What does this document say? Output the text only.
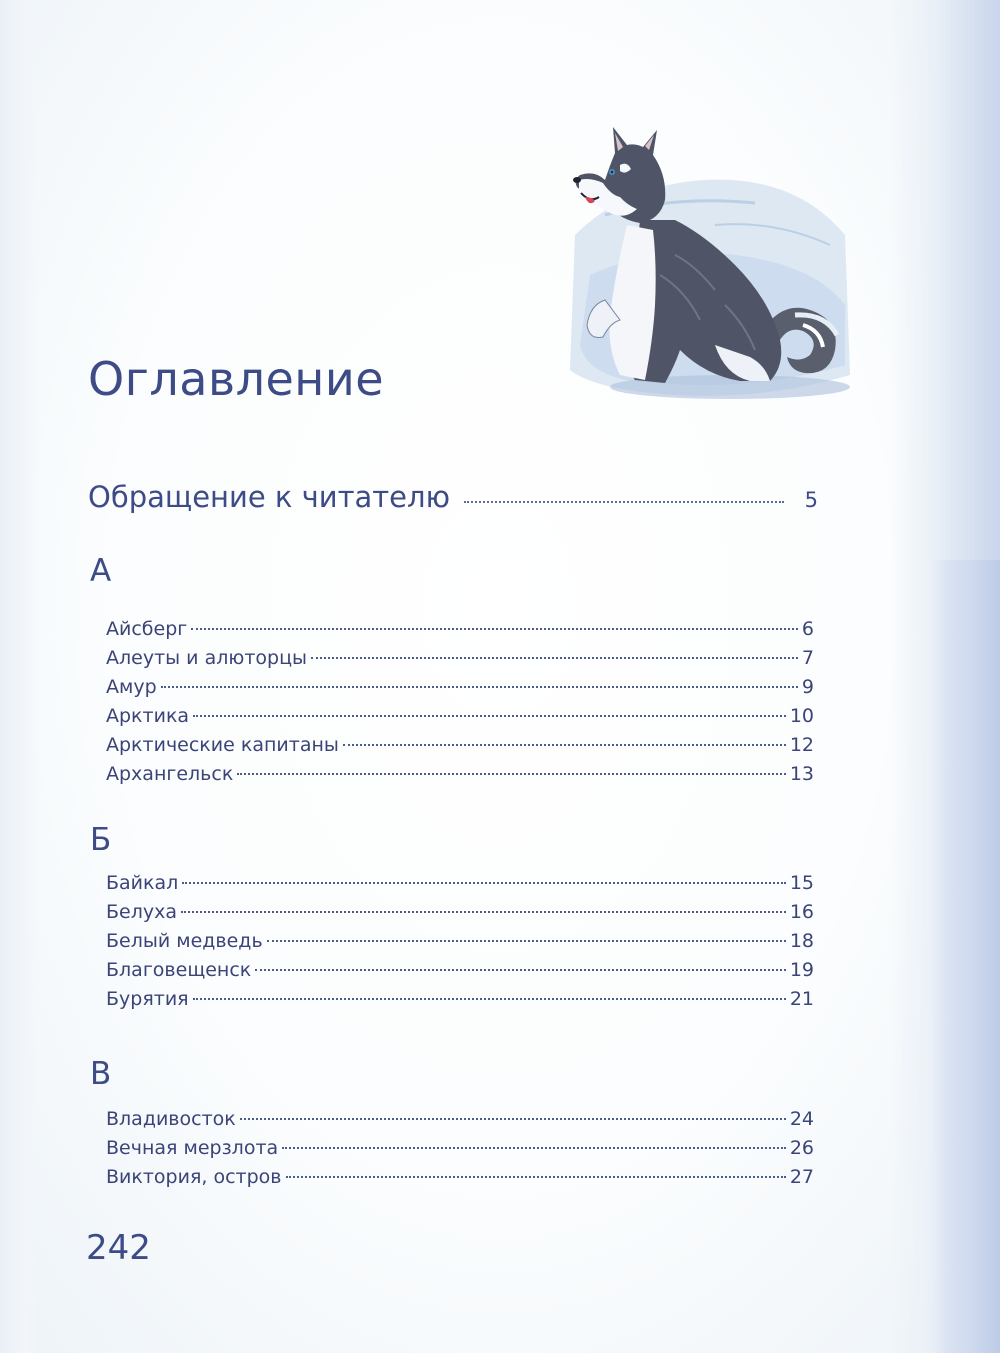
Оглавление
Обращение к читателю	5
А
Айсберг	6
Алеуты и алюторцы	7
Амур	9
Арктика	10
Арктические капитаны	12
Архангельск	13
Б
Байкал	15
Белуха	16
Белый медведь	18
Благовещенск	19
Бурятия	21
В
Владивосток	24
Вечная мерзлота	26
Виктория, остров	27
242
